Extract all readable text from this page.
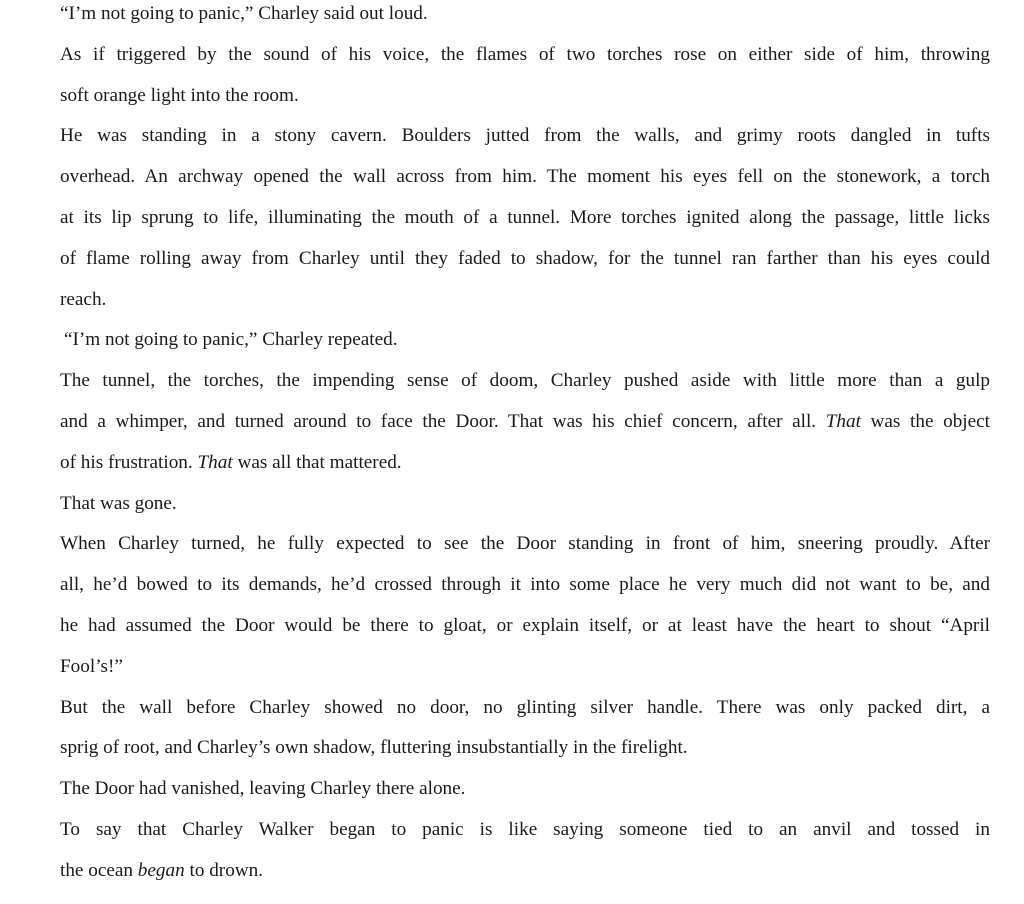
“I’m not going to panic,” Charley said out loud.

As if triggered by the sound of his voice, the flames of two torches rose on either side of him, throwing
soft orange light into the room.

He was standing in a stony cavern. Boulders jutted from the walls, and grimy roots dangled in tufts
overhead. An archway opened the wall across from him. The moment his eyes fell on the stonework, a torch
at its lip sprung to life, illuminating the mouth of a tunnel. More torches ignited along the passage, little licks
of flame rolling away from Charley until they faded to shadow, for the tunnel ran farther than his eyes could
reach.

“I’m not going to panic,” Charley repeated.

The tunnel, the torches, the impending sense of doom, Charley pushed aside with little more than a gulp
and a whimper, and turned around to face the Door. That was his chief concern, after all. That was the object
of his frustration. That was all that mattered.

That was gone.

When Charley turned, he fully expected to see the Door standing in front of him, sneering proudly. After
all, he’d bowed to its demands, he’d crossed through it into some place he very much did not want to be, and
he had assumed the Door would be there to gloat, or explain itself, or at least have the heart to shout “April
Fool’s!”

But the wall before Charley showed no door, no glinting silver handle. There was only packed dirt, a
sprig of root, and Charley’s own shadow, fluttering insubstantially in the firelight.

The Door had vanished, leaving Charley there alone.

To say that Charley Walker began to panic is like saying someone tied to an anvil and tossed in
the ocean began to drown.
